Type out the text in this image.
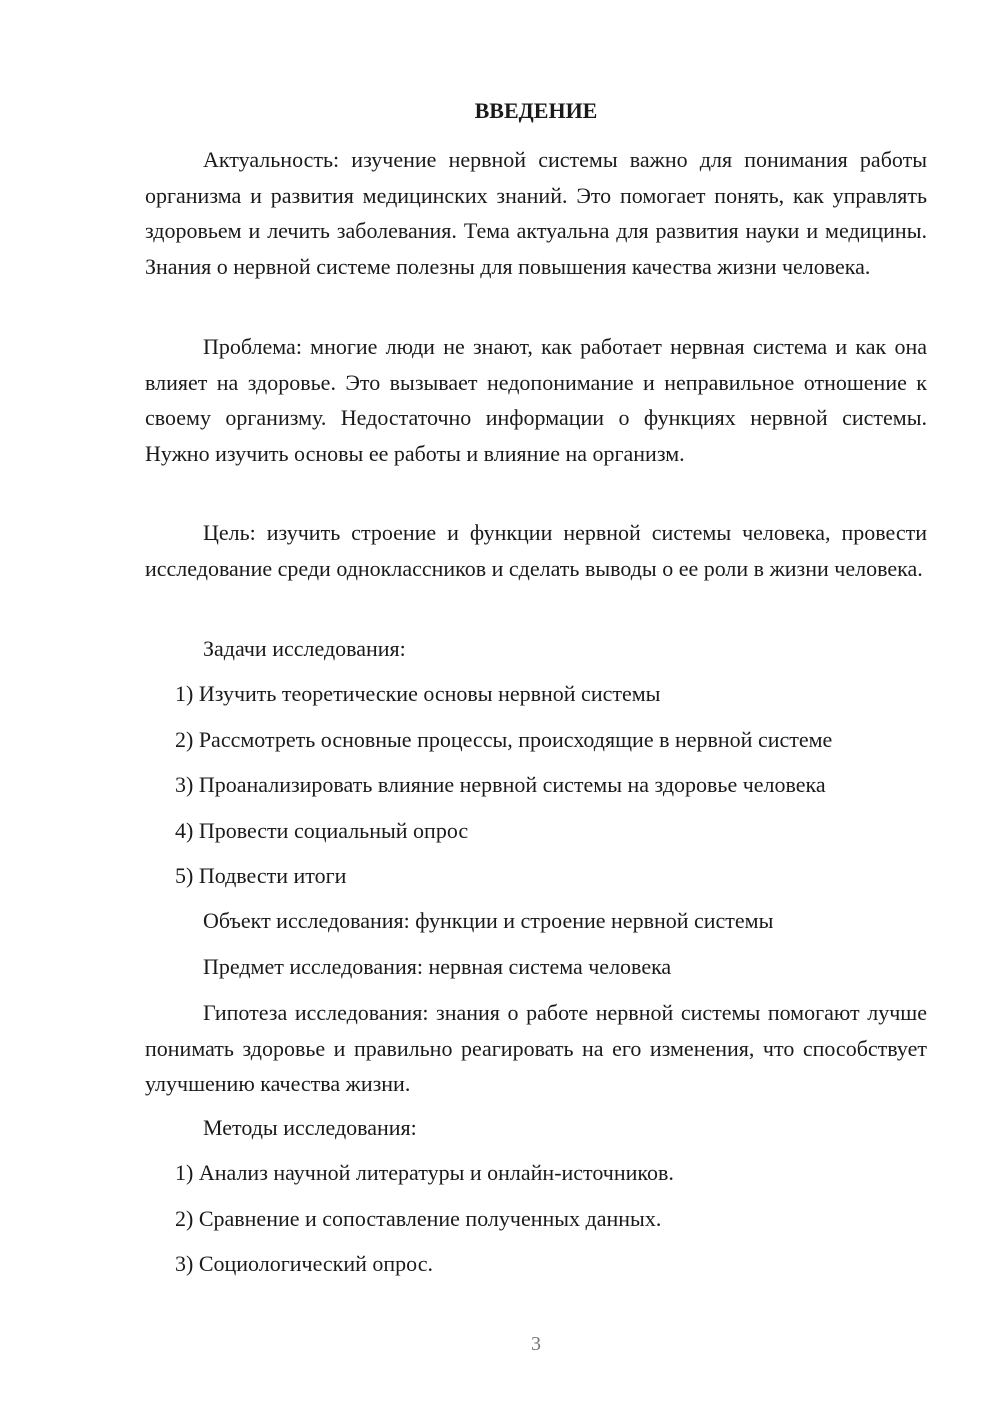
ВВЕДЕНИЕ

Актуальность: изучение нервной системы важно для понимания работы организма и развития медицинских знаний. Это помогает понять, как управлять здоровьем и лечить заболевания. Тема актуальна для развития науки и медицины. Знания о нервной системе полезны для повышения качества жизни человека.

Проблема: многие люди не знают, как работает нервная система и как она влияет на здоровье. Это вызывает недопонимание и неправильное отношение к своему организму. Недостаточно информации о функциях нервной системы. Нужно изучить основы ее работы и влияние на организм.

Цель: изучить строение и функции нервной системы человека, провести исследование среди одноклассников и сделать выводы о ее роли в жизни человека.

Задачи исследования:

1) Изучить теоретические основы нервной системы

2) Рассмотреть основные процессы, происходящие в нервной системе

3) Проанализировать влияние нервной системы на здоровье человека

4) Провести социальный опрос

5) Подвести итоги

Объект исследования: функции и строение нервной системы

Предмет исследования: нервная система человека

Гипотеза исследования: знания о работе нервной системы помогают лучше понимать здоровье и правильно реагировать на его изменения, что способствует улучшению качества жизни.

Методы исследования:

1) Анализ научной литературы и онлайн-источников.

2) Сравнение и сопоставление полученных данных.

3) Социологический опрос.

3
